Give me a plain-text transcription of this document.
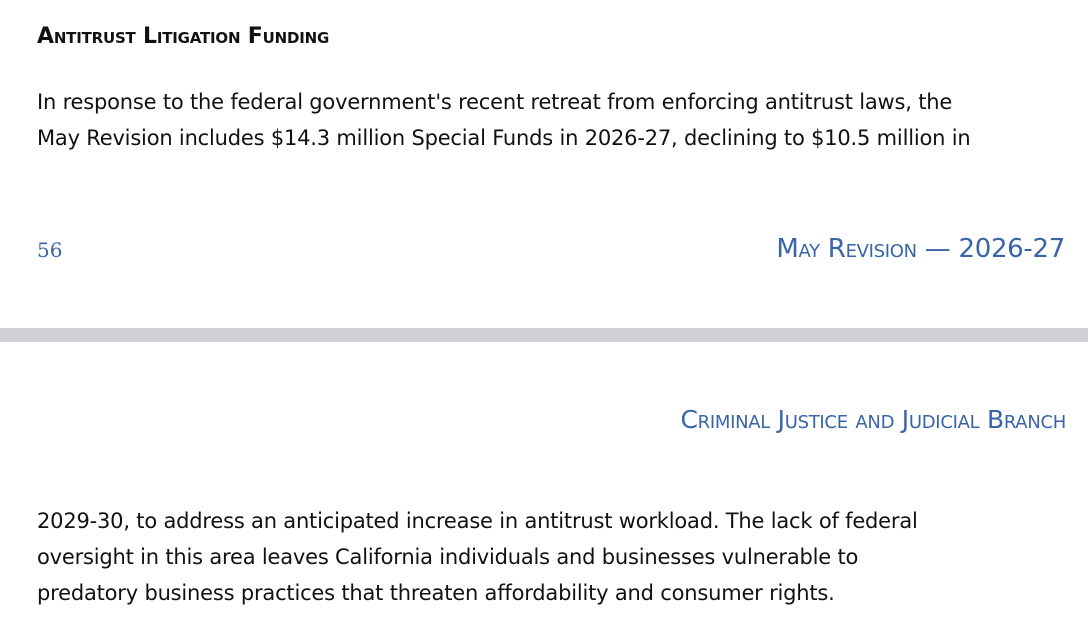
Antitrust Litigation Funding

In response to the federal government's recent retreat from enforcing antitrust laws, the
May Revision includes $14.3 million Special Funds in 2026-27, declining to $10.5 million in

56	May Revision — 2026-27
Criminal Justice and Judicial Branch

2029-30, to address an anticipated increase in antitrust workload. The lack of federal
oversight in this area leaves California individuals and businesses vulnerable to
predatory business practices that threaten affordability and consumer rights.
